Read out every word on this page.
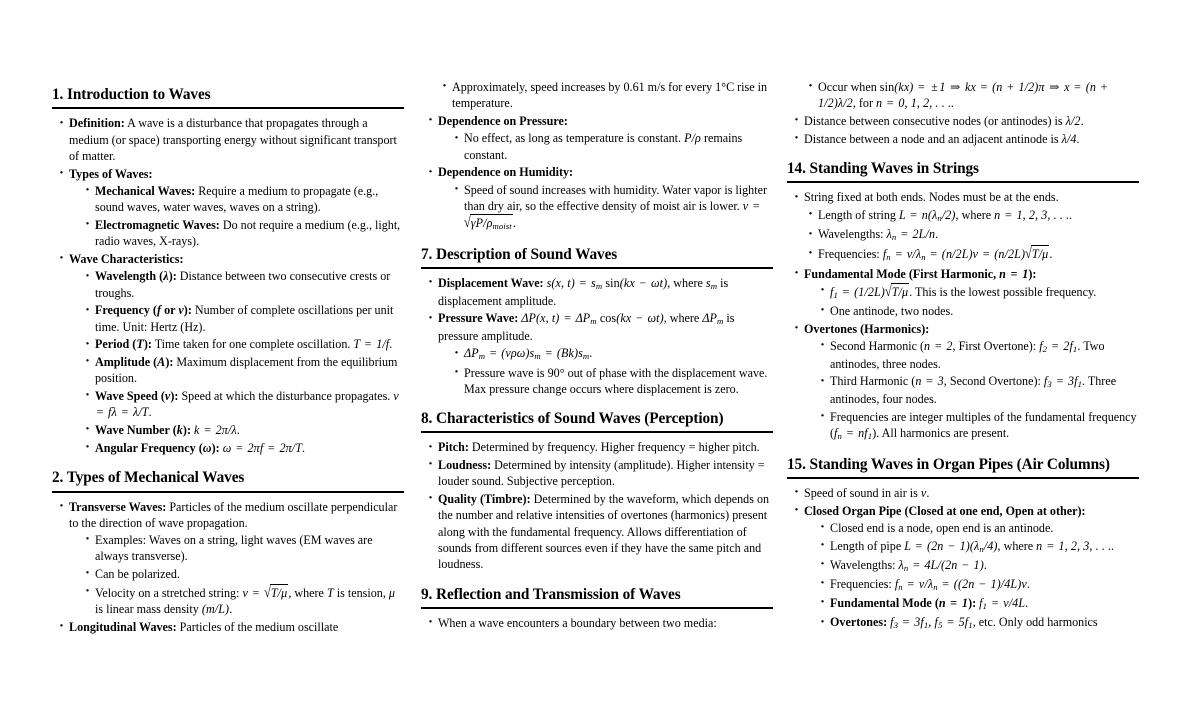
1. Introduction to Waves
· Definition: A wave is a disturbance that propagates through a medium (or space) transporting energy without significant transport of matter.
· Types of Waves:
· Mechanical Waves: Require a medium to propagate (e.g., sound waves, water waves, waves on a string).
· Electromagnetic Waves: Do not require a medium (e.g., light, radio waves, X-rays).
· Wave Characteristics:
· Wavelength (λ): Distance between two consecutive crests or troughs.
· Frequency (f or ν): Number of complete oscillations per unit time. Unit: Hertz (Hz).
· Period (T): Time taken for one complete oscillation. T = 1/f.
· Amplitude (A): Maximum displacement from the equilibrium position.
· Wave Speed (v): Speed at which the disturbance propagates. v = fλ = λ/T.
· Wave Number (k): k = 2π/λ.
· Angular Frequency (ω): ω = 2πf = 2π/T.
2. Types of Mechanical Waves
· Transverse Waves: Particles of the medium oscillate perpendicular to the direction of wave propagation.
· Examples: Waves on a string, light waves (EM waves are always transverse).
· Can be polarized.
· Velocity on a stretched string: v = √T/μ, where T is tension, μ is linear mass density (m/L).
· Longitudinal Waves: Particles of the medium oscillate
· Approximately, speed increases by 0.61 m/s for every 1°C rise in temperature.
· Dependence on Pressure:
· No effect, as long as temperature is constant. P/ρ remains constant.
· Dependence on Humidity:
· Speed of sound increases with humidity. Water vapor is lighter than dry air, so the effective density of moist air is lower. $v = √\gamma P/\rho_{moist}$.
7. Description of Sound Waves
· Displacement Wave: s(x, $t) = s_m$ sin(kx − ωt), where $s_m$ is displacement amplitude.
· Pressure Wave: ΔP(x, $t) = \Delta P_m$ cos(kx − ωt), where $\Delta P_m$ is pressure amplitude.
· $\Delta P_m = (v\rho\omega)s_m = (Bk)s_m$.
· Pressure wave is 90° out of phase with the displacement wave. Max pressure change occurs where displacement is zero.
8. Characteristics of Sound Waves (Perception)
· Pitch: Determined by frequency. Higher frequency = higher pitch.
· Loudness: Determined by intensity (amplitude). Higher intensity = louder sound. Subjective perception.
· Quality (Timbre): Determined by the waveform, which depends on the number and relative intensities of overtones (harmonics) present along with the fundamental frequency. Allows differentiation of sounds from different sources even if they have the same pitch and loudness.
9. Reflection and Transmission of Waves
· When a wave encounters a boundary between two media:
· Occur when sin(kx) = ± 1 ⇒ kx = (n + 1/2)π ⇒ x = (n + 1/2)λ/2, for n = 0, 1, 2, . . ..
· Distance between consecutive nodes (or antinodes) is λ/2.
· Distance between a node and an adjacent antinode is λ/4.
14. Standing Waves in Strings
· String fixed at both ends. Nodes must be at the ends.
· Length of string $L = n(\lambda_n/2)$, where n = 1, 2, 3, . . ..
· Wavelengths: $\lambda_n = 2L/n$.
· Frequencies: $f_n = v/\lambda_n = (n/2L)v = (n/2L)√T/\mu$.
· Fundamental Mode (First Harmonic, n = 1):
· $f_1 = (1/2L)√T/\mu$. This is the lowest possible frequency.
· One antinode, two nodes.
· Overtones (Harmonics):
· Second Harmonic (n = 2, First Overtone): $f_2 = 2f_1$. Two antinodes, three nodes.
· Third Harmonic (n = 3, Second Overtone): $f_3 = 3f_1$. Three antinodes, four nodes.
· Frequencies are integer multiples of the fundamental frequency $(f_n = nf_1)$. All harmonics are present.
15. Standing Waves in Organ Pipes (Air Columns)
· Speed of sound in air is v.
· Closed Organ Pipe (Closed at one end, Open at other):
· Closed end is a node, open end is an antinode.
· Length of pipe $L = (2n - 1)(\lambda_n/4)$, where n = 1, 2, 3, . . ..
· Wavelengths: $\lambda_n = 4L/(2n - 1)$.
· Frequencies: $f_n = v/\lambda_n = ((2n - 1)/4L)v$.
· Fundamental Mode (n = 1): $f_1 = v/4L$.
· Overtones: $f_3 = 3f_1$, $f_5 = 5f_1$, etc. Only odd harmonics
